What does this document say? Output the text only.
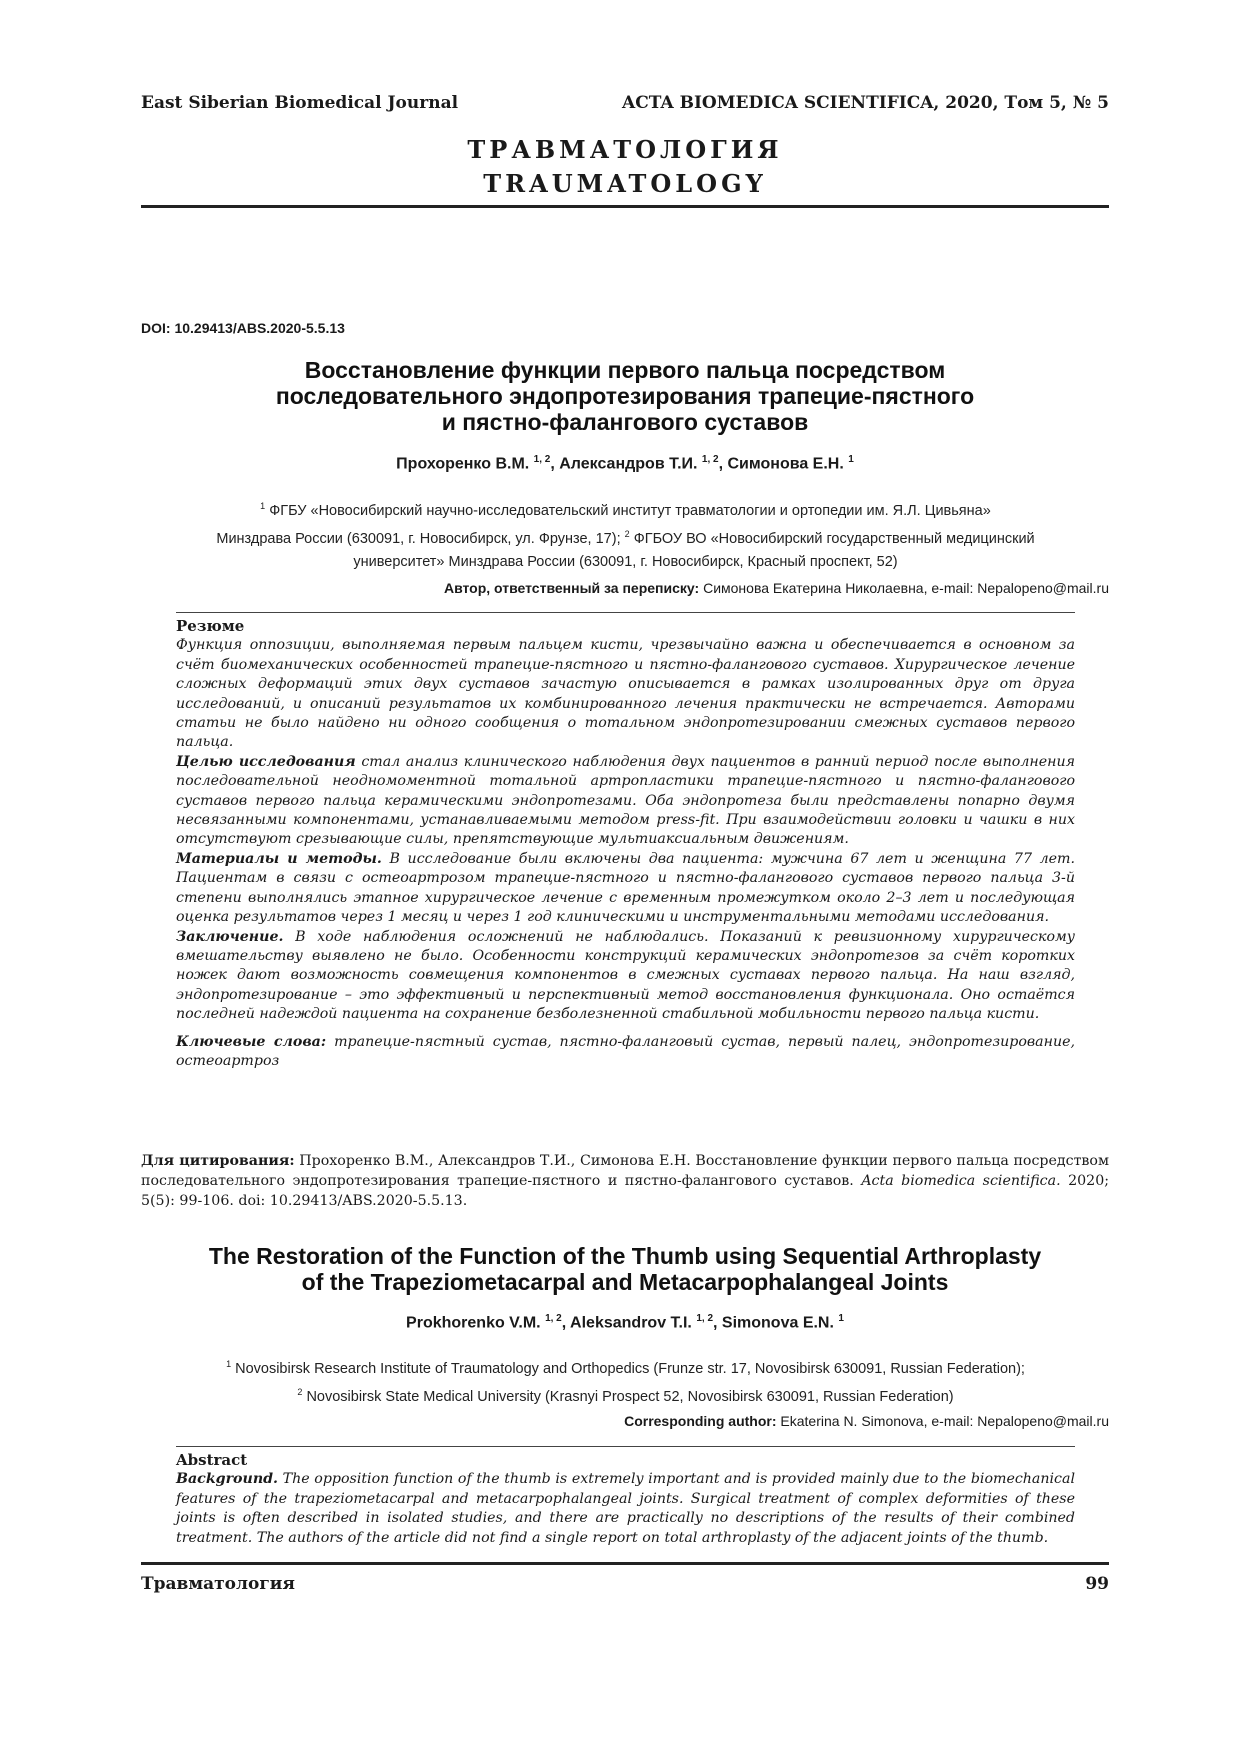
East Siberian Biomedical Journal	ACTA BIOMEDICA SCIENTIFICA, 2020, Том 5, № 5
ТРАВМАТОЛОГИЯ
TRAUMATOLOGY
DOI: 10.29413/ABS.2020-5.5.13
Восстановление функции первого пальца посредством
последовательного эндопротезирования трапецие-пястного
и пястно-фалангового суставов
Прохоренко В.М. $^{1, 2}$, Александров Т.И. $^{1, 2}$, Симонова Е.Н. $^1$
$^1$ ФГБУ «Новосибирский научно-исследовательский институт травматологии и ортопедии им. Я.Л. Цивьяна»
Минздрава России (630091, г. Новосибирск, ул. Фрунзе, 17); $^2$ ФГБОУ ВО «Новосибирский государственный медицинский
университет» Минздрава России (630091, г. Новосибирск, Красный проспект, 52)
Автор, ответственный за переписку: Симонова Екатерина Николаевна, e-mail: Nepalopeno@mail.ru
Резюме

Функция оппозиции, выполняемая первым пальцем кисти, чрезвычайно важна и обеспечивается в основном за счёт биомеханических особенностей трапецие-пястного и пястно-фалангового суставов. Хирургическое лечение сложных деформаций этих двух суставов зачастую описывается в рамках изолированных друг от друга исследований, и описаний результатов их комбинированного лечения практически не встречается. Авторами статьи не было найдено ни одного сообщения о тотальном эндопротезировании смежных суставов первого пальца.

Целью исследования стал анализ клинического наблюдения двух пациентов в ранний период после выполнения последовательной неодномоментной тотальной артропластики трапецие-пястного и пястно-фалангового суставов первого пальца керамическими эндопротезами. Оба эндопротеза были представлены попарно двумя несвязанными компонентами, устанавливаемыми методом press-fit. При взаимодействии головки и чашки в них отсутствуют срезывающие силы, препятствующие мультиаксиальным движениям.

Материалы и методы. В исследование были включены два пациента: мужчина 67 лет и женщина 77 лет. Пациентам в связи с остеоартрозом трапецие-пястного и пястно-фалангового суставов первого пальца 3-й степени выполнялись этапное хирургическое лечение с временным промежутком около 2–3 лет и последующая оценка результатов через 1 месяц и через 1 год клиническими и инструментальными методами исследования.

Заключение. В ходе наблюдения осложнений не наблюдались. Показаний к ревизионному хирургическому вмешательству выявлено не было. Особенности конструкций керамических эндопротезов за счёт коротких ножек дают возможность совмещения компонентов в смежных суставах первого пальца. На наш взгляд, эндопротезирование – это эффективный и перспективный метод восстановления функционала. Оно остаётся последней надеждой пациента на сохранение безболезненной стабильной мобильности первого пальца кисти.

Ключевые слова: трапецие-пястный сустав, пястно-фаланговый сустав, первый палец, эндопротезирование, остеоартроз

Для цитирования: Прохоренко В.М., Александров Т.И., Симонова Е.Н. Восстановление функции первого пальца посредством последовательного эндопротезирования трапецие-пястного и пястно-фалангового суставов. Acta biomedica scientifica. 2020; 5(5): 99-106. doi: 10.29413/ABS.2020-5.5.13.
The Restoration of the Function of the Thumb using Sequential Arthroplasty
of the Trapeziometacarpal and Metacarpophalangeal Joints
Prokhorenko V.M. $^{1, 2}$, Aleksandrov T.I. $^{1, 2}$, Simonova E.N. $^1$
$^1$ Novosibirsk Research Institute of Traumatology and Orthopedics (Frunze str. 17, Novosibirsk 630091, Russian Federation);
$^2$ Novosibirsk State Medical University (Krasnyi Prospect 52, Novosibirsk 630091, Russian Federation)
Corresponding author: Ekaterina N. Simonova, e-mail: Nepalopeno@mail.ru
Abstract

Background. The opposition function of the thumb is extremely important and is provided mainly due to the biomechanical features of the trapeziometacarpal and metacarpophalangeal joints. Surgical treatment of complex deformities of these joints is often described in isolated studies, and there are practically no descriptions of the results of their combined treatment. The authors of the article did not find a single report on total arthroplasty of the adjacent joints of the thumb.

Травматология	99
